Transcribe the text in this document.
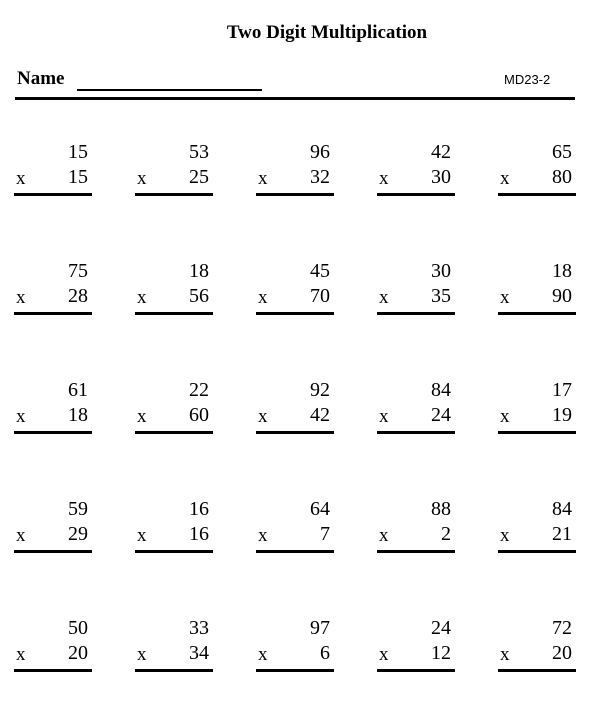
Two Digit Multiplication
Name	MD23-2
15
x 15
53
x 25
96
x 32
42
x 30
65
x 80
75
x 28
18
x 56
45
x 70
30
x 35
18
x 90
61
x 18
22
x 60
92
x 42
84
x 24
17
x 19
59
x 29
16
x 16
64
x	7
88
x	2
84
x 21
50
x 20
33
x 34
97
x	6
24
x 12
72
x 20
